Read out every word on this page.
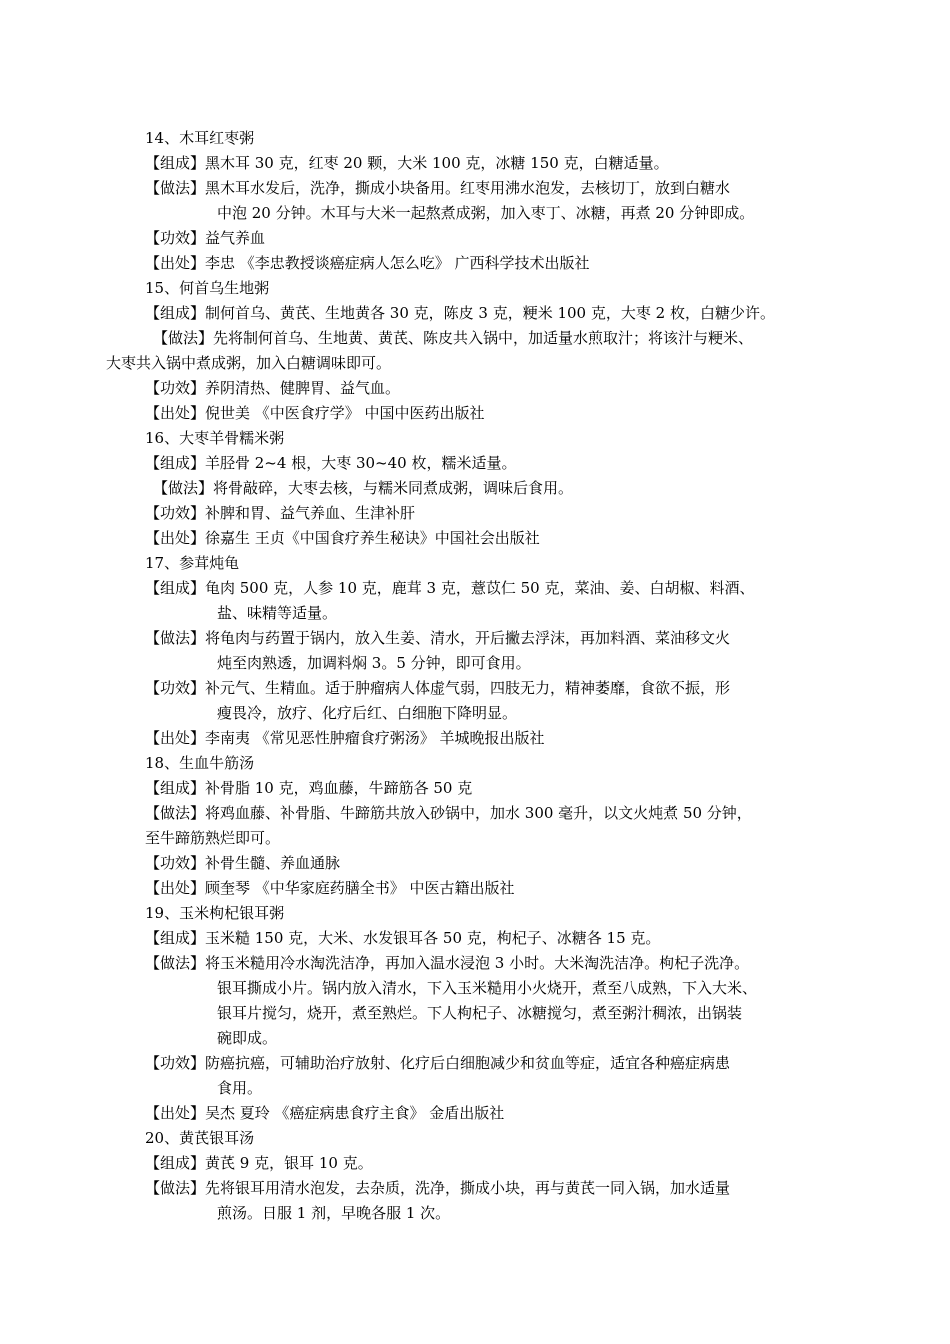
14、木耳红枣粥
【组成】黑木耳 30 克，红枣 20 颗，大米 100 克，冰糖 150 克，白糖适量。
【做法】黑木耳水发后，洗净，撕成小块备用。红枣用沸水泡发，去核切丁，放到白糖水
中泡 20 分钟。木耳与大米一起熬煮成粥，加入枣丁、冰糖，再煮 20 分钟即成。
【功效】益气养血
【出处】李忠 《李忠教授谈癌症病人怎么吃》 广西科学技术出版社
15、何首乌生地粥
【组成】制何首乌、黄芪、生地黄各 30 克，陈皮 3 克，粳米 100 克，大枣 2 枚，白糖少许。
【做法】先将制何首乌、生地黄、黄芪、陈皮共入锅中，加适量水煎取汁；将该汁与粳米、
大枣共入锅中煮成粥，加入白糖调味即可。
【功效】养阴清热、健脾胃、益气血。
【出处】倪世美 《中医食疗学》 中国中医药出版社
16、大枣羊骨糯米粥
【组成】羊胫骨 2~4 根，大枣 30~40 枚，糯米适量。
【做法】将骨敲碎，大枣去核，与糯米同煮成粥，调味后食用。
【功效】补脾和胃、益气养血、生津补肝
【出处】徐嘉生 王贞《中国食疗养生秘诀》中国社会出版社
17、参茸炖龟
【组成】龟肉 500 克，人参 10 克，鹿茸 3 克，薏苡仁 50 克，菜油、姜、白胡椒、料酒、
盐、味精等适量。
【做法】将龟肉与药置于锅内，放入生姜、清水，开后撇去浮沫，再加料酒、菜油移文火
炖至肉熟透，加调料焖 3。5 分钟，即可食用。
【功效】补元气、生精血。适于肿瘤病人体虚气弱，四肢无力，精神萎靡，食欲不振，形
瘦畏冷，放疗、化疗后红、白细胞下降明显。
【出处】李南夷 《常见恶性肿瘤食疗粥汤》 羊城晚报出版社
18、生血牛筋汤
【组成】补骨脂 10 克，鸡血藤，牛蹄筋各 50 克
【做法】将鸡血藤、补骨脂、牛蹄筋共放入砂锅中，加水 300 毫升，以文火炖煮 50 分钟，
至牛蹄筋熟烂即可。
【功效】补骨生髓、养血通脉
【出处】顾奎琴 《中华家庭药膳全书》 中医古籍出版社
19、玉米枸杞银耳粥
【组成】玉米糙 150 克，大米、水发银耳各 50 克，枸杞子、冰糖各 15 克。
【做法】将玉米糙用冷水淘洗洁净，再加入温水浸泡 3 小时。大米淘洗洁净。枸杞子洗净。
银耳撕成小片。锅内放入清水，下入玉米糙用小火烧开，煮至八成熟，下入大米、
银耳片搅匀，烧开，煮至熟烂。下人枸杞子、冰糖搅匀，煮至粥汁稠浓，出锅装
碗即成。
【功效】防癌抗癌，可辅助治疗放射、化疗后白细胞减少和贫血等症，适宜各种癌症病患
食用。
【出处】吴杰 夏玲 《癌症病患食疗主食》 金盾出版社
20、黄芪银耳汤
【组成】黄芪 9 克，银耳 10 克。
【做法】先将银耳用清水泡发，去杂质，洗净，撕成小块，再与黄芪一同入锅，加水适量
煎汤。日服 1 剂，早晚各服 1 次。
